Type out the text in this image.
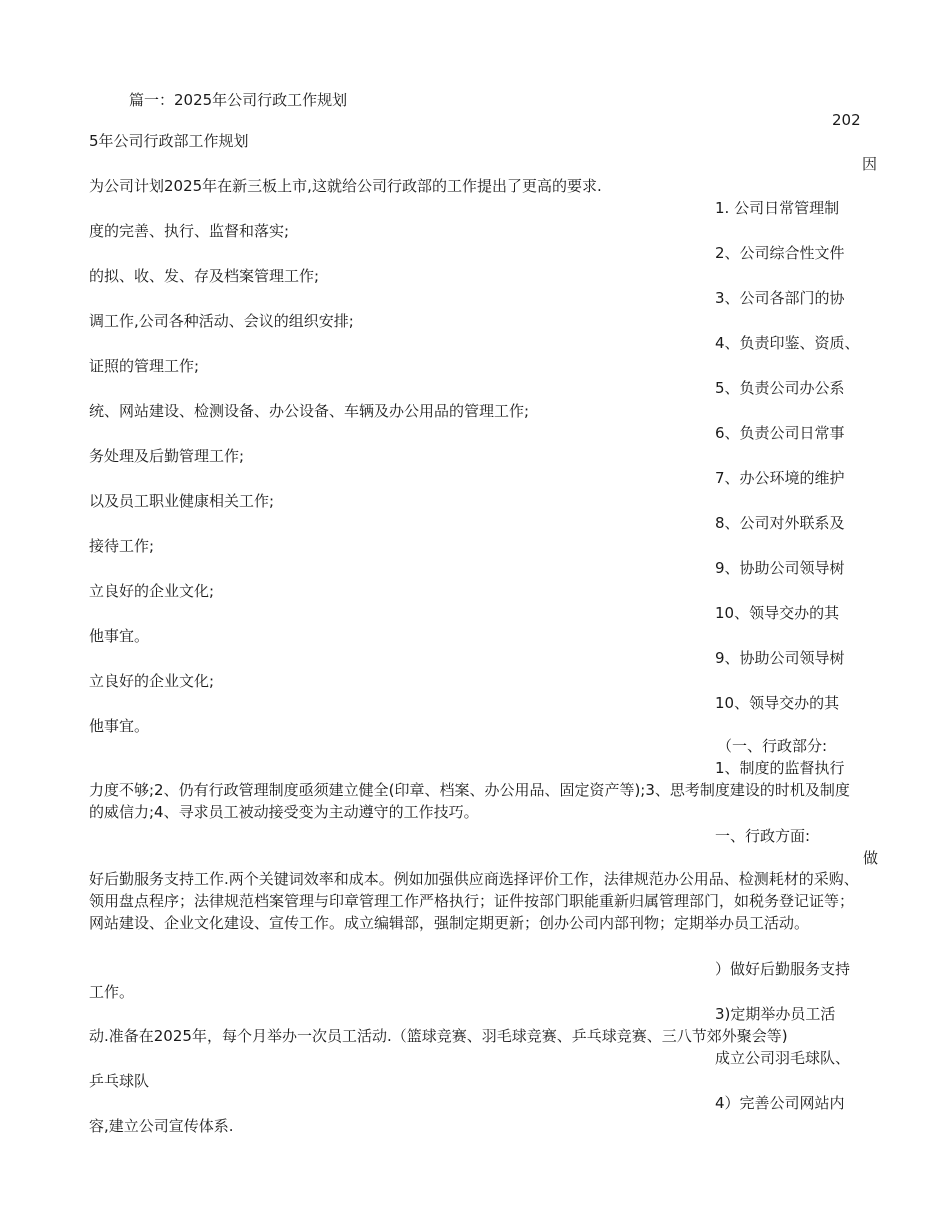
篇一：2025年公司行政工作规划
202
5年公司行政部工作规划
因
为公司计划2025年在新三板上市,这就给公司行政部的工作提出了更高的要求.
1. 公司日常管理制
度的完善、执行、监督和落实;
2、公司综合性文件
的拟、收、发、存及档案管理工作;
3、公司各部门的协
调工作,公司各种活动、会议的组织安排;
4、负责印鉴、资质、
证照的管理工作;
5、负责公司办公系
统、网站建设、检测设备、办公设备、车辆及办公用品的管理工作;
6、负责公司日常事
务处理及后勤管理工作;
7、办公环境的维护
以及员工职业健康相关工作;
8、公司对外联系及
接待工作;
9、协助公司领导树
立良好的企业文化;
10、领导交办的其
他事宜。
9、协助公司领导树
立良好的企业文化;
10、领导交办的其
他事宜。
（一、行政部分:
1、制度的监督执行
力度不够;2、仍有行政管理制度亟须建立健全(印章、档案、办公用品、固定资产等);3、思考制度建设的时机及制度的威信力;4、寻求员工被动接受变为主动遵守的工作技巧。
一、行政方面:
做
好后勤服务支持工作.两个关键词效率和成本。例如加强供应商选择评价工作，法律规范办公用品、检测耗材的采购、领用盘点程序；法律规范档案管理与印章管理工作严格执行；证件按部门职能重新归属管理部门，如税务登记证等；网站建设、企业文化建设、宣传工作。成立编辑部，强制定期更新；创办公司内部刊物；定期举办员工活动。
）做好后勤服务支持
工作。
3)定期举办员工活
动.准备在2025年，每个月举办一次员工活动.（篮球竞赛、羽毛球竞赛、乒乓球竞赛、三八节郊外聚会等)
成立公司羽毛球队、
乒乓球队
4）完善公司网站内
容,建立公司宣传体系.
